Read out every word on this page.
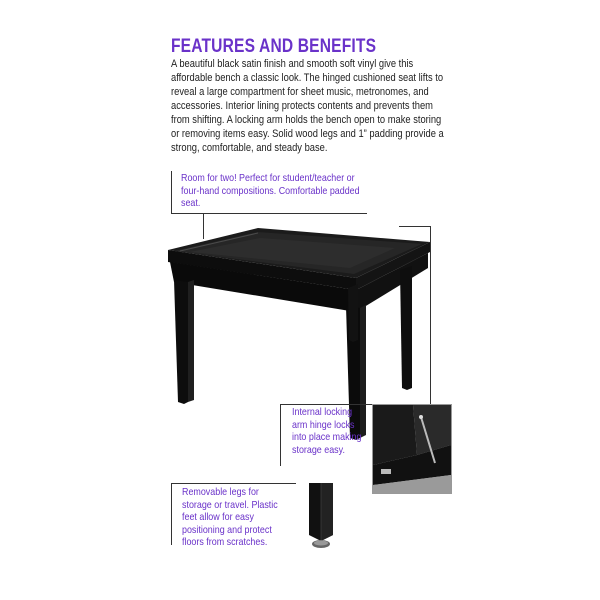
FEATURES AND BENEFITS
A beautiful black satin finish and smooth soft vinyl give this affordable bench a classic look. The hinged cushioned seat lifts to reveal a large compartment for sheet music, metronomes, and accessories. Interior lining protects contents and prevents them from shifting. A locking arm holds the bench open to make storing or removing items easy. Solid wood legs and 1” padding provide a strong, comfortable, and steady base.
Room for two! Perfect for student/teacher or four-hand compositions. Comfortable padded seat.
Internal locking arm hinge locks into place making storage easy.
Removable legs for storage or travel. Plastic feet allow for easy positioning and protect floors from scratches.
